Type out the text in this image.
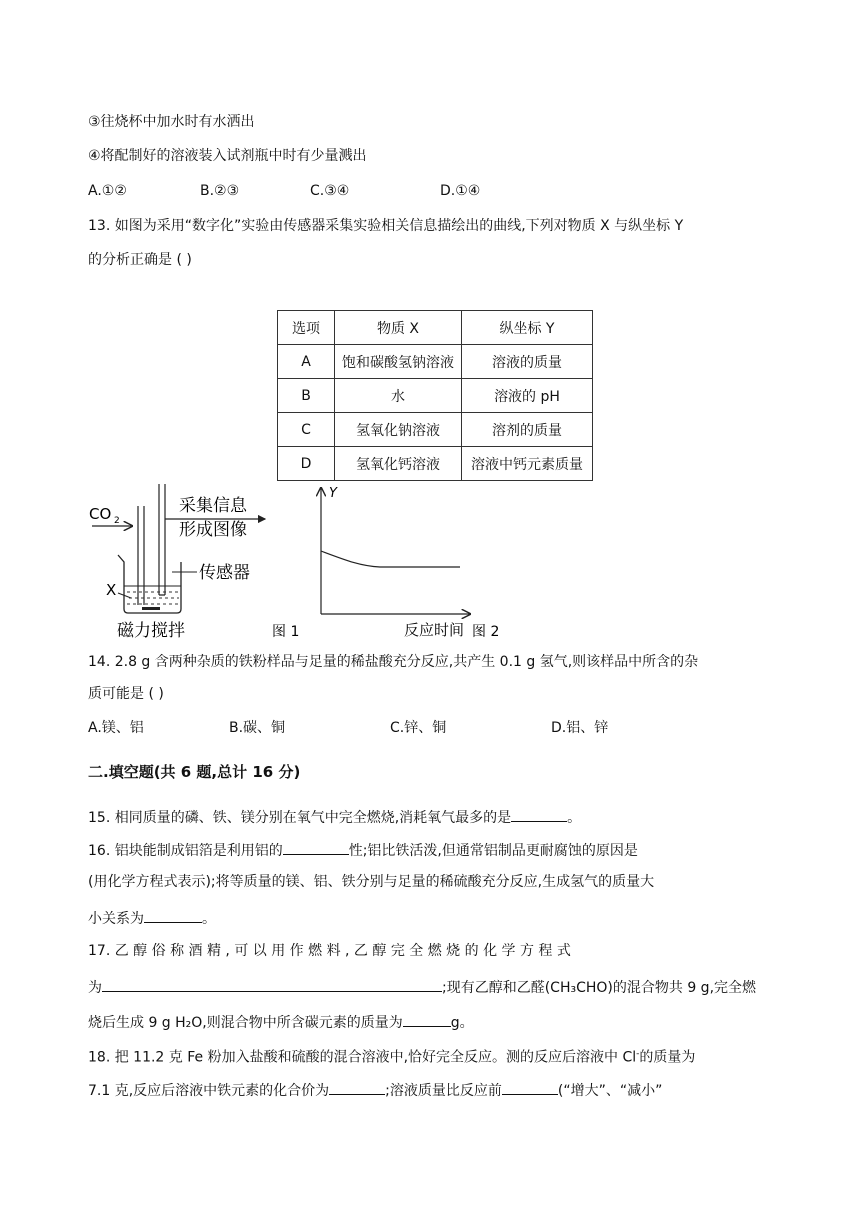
③往烧杯中加水时有水洒出
④将配制好的溶液装入试剂瓶中时有少量溅出
A.①②	B.②③	C.③④	D.①④
13. 如图为采用“数字化”实验由传感器采集实验相关信息描绘出的曲线,下列对物质 X 与纵坐标 Y
的分析正确是 ( )
选项	物质 X	纵坐标 Y
A	饱和碳酸氢钠溶液	溶液的质量
B	水	溶液的 pH
C	氢氧化钠溶液	溶剂的质量
D	氢氧化钙溶液	溶液中钙元素质量
CO 2
采集信息
形成图像
传感器
X
磁力搅拌	图 1
Y
反应时间 图 2
14. 2.8 g 含两种杂质的铁粉样品与足量的稀盐酸充分反应,共产生 0.1 g 氢气,则该样品中所含的杂
质可能是 ( )
A.镁、铝	B.碳、铜	C.锌、铜	D.铝、锌
二.填空题(共 6 题,总计 16 分)
15. 相同质量的磷、铁、镁分别在氧气中完全燃烧,消耗氧气最多的是	。
16. 铝块能制成铝箔是利用铝的	性;铝比铁活泼,但通常铝制品更耐腐蚀的原因是
(用化学方程式表示);将等质量的镁、铝、铁分别与足量的稀硫酸充分反应,生成氢气的质量大
小关系为	。
17. 乙 醇 俗 称 酒 精 , 可 以 用 作 燃 料 , 乙 醇 完 全 燃 烧 的 化 学 方 程 式
为	;现有乙醇和乙醛(CH₃CHO)的混合物共 9 g,完全燃
烧后生成 9 g H₂O,则混合物中所含碳元素的质量为	g。
18. 把 11.2 克 Fe 粉加入盐酸和硫酸的混合溶液中,恰好完全反应。测的反应后溶液中 Cl-的质量为
7.1 克,反应后溶液中铁元素的化合价为	;溶液质量比反应前	(“增大”、“减小”
